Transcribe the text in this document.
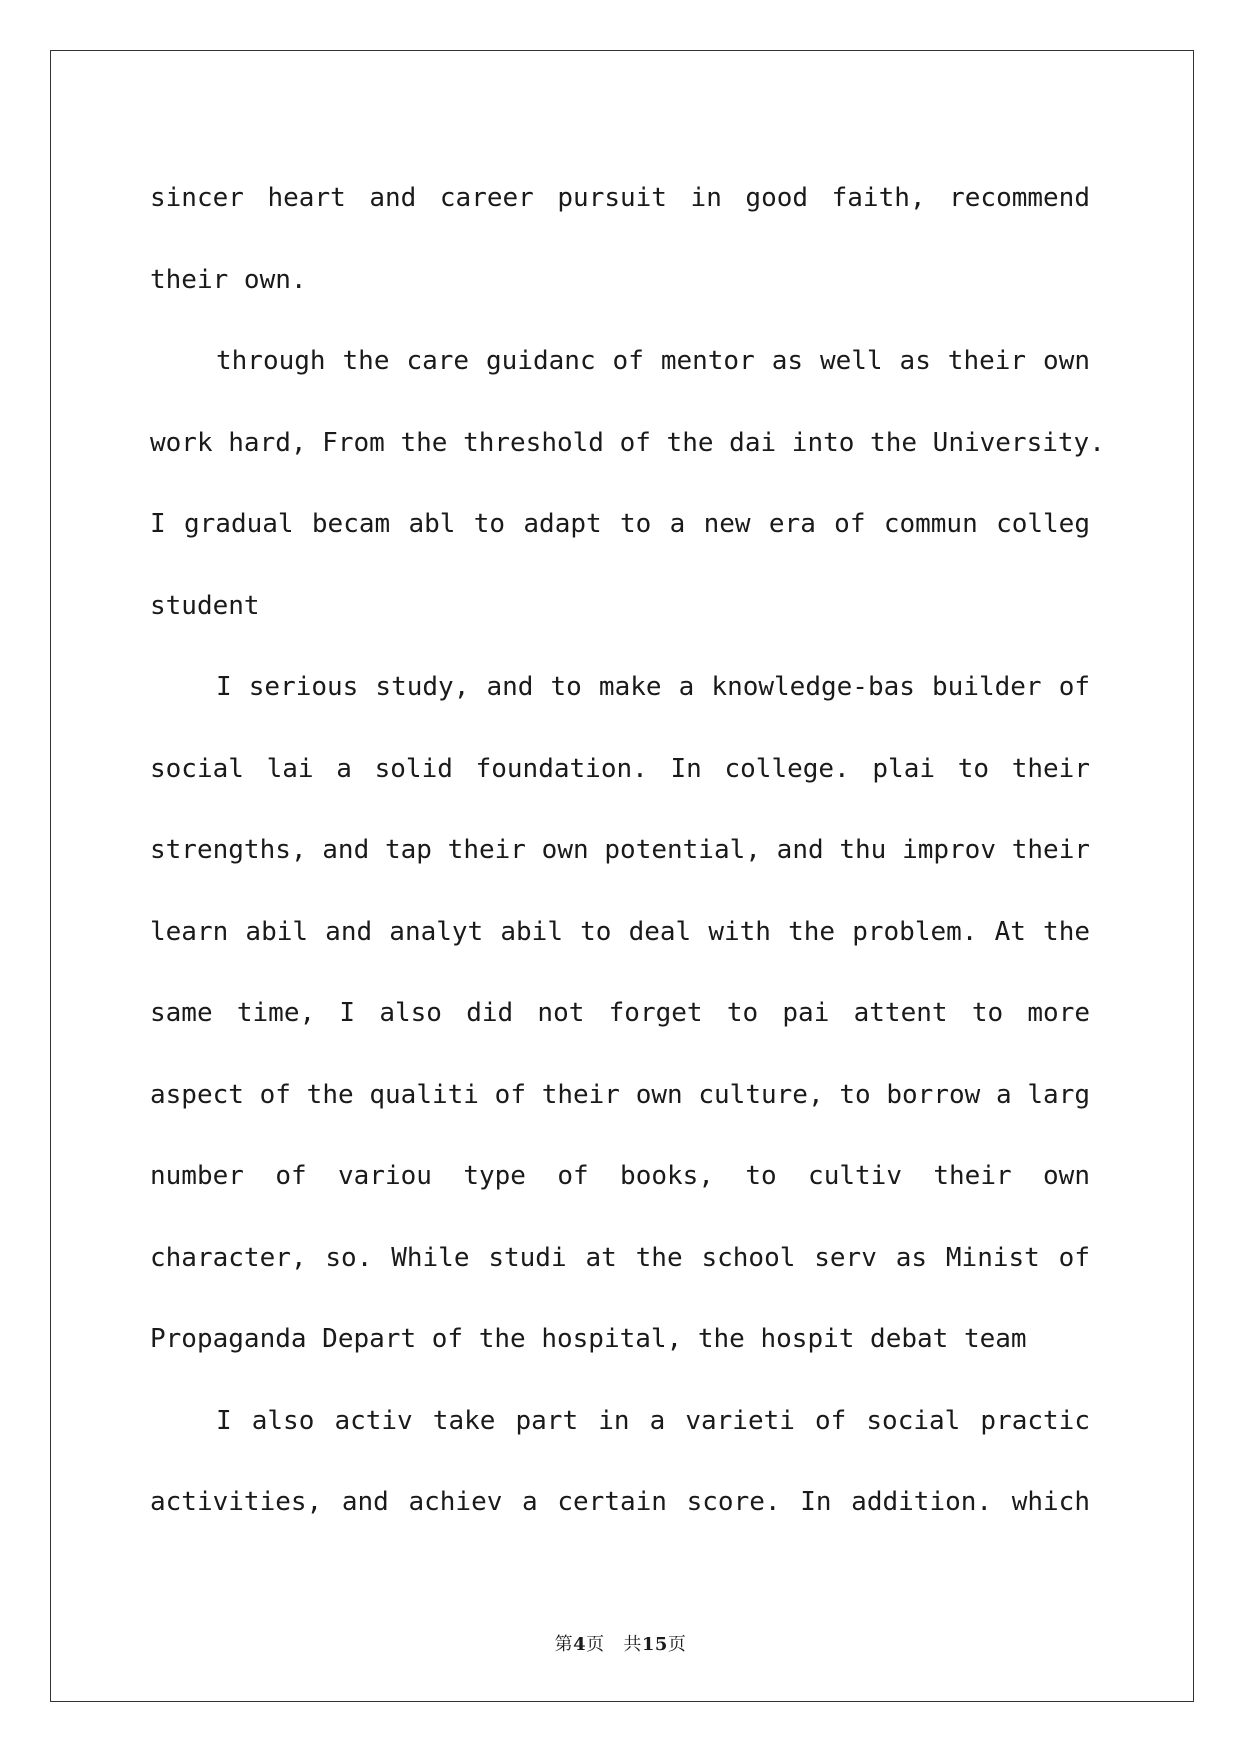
sincer heart and career pursuit in good faith, recommend
their own.
through the care guidanc of mentor as well as their own
work hard, From the threshold of the dai into the University.
I gradual becam abl to adapt to a new era of commun colleg
student
I serious study, and to make a knowledge-bas builder of
social lai a solid foundation. In college. plai to their
strengths, and tap their own potential, and thu improv their
learn abil and analyt abil to deal with the problem. At the
same time, I also did not forget to pai attent to more
aspect of the qualiti of their own culture, to borrow a larg
number of variou type of books, to cultiv their own
character, so. While studi at the school serv as Minist of
Propaganda Depart of the hospital, the hospit debat team
I also activ take part in a varieti of social practic
activities, and achiev a certain score. In addition. which
第4页 共15页
